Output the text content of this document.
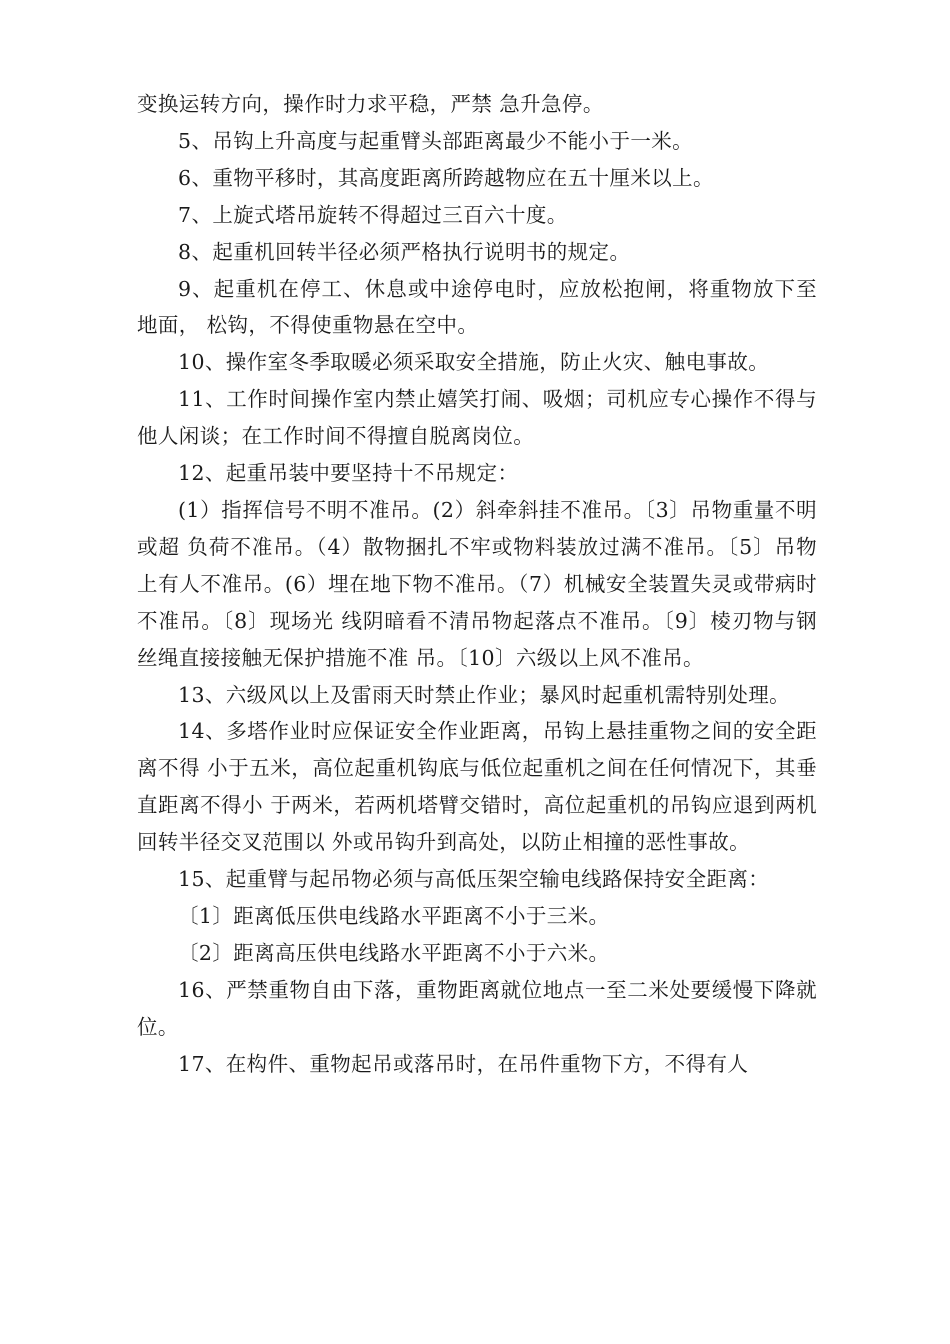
变换运转方向，操作时力求平稳，严禁 急升急停。

5、吊钩上升高度与起重臂头部距离最少不能小于一米。

6、重物平移时，其高度距离所跨越物应在五十厘米以上。

7、上旋式塔吊旋转不得超过三百六十度。

8、起重机回转半径必须严格执行说明书的规定。

9、起重机在停工、休息或中途停电时，应放松抱闸，将重物放下至地面， 松钩，不得使重物悬在空中。

10、操作室冬季取暖必须采取安全措施，防止火灾、触电事故。

11、工作时间操作室内禁止嬉笑打闹、吸烟；司机应专心操作不得与他人闲谈；在工作时间不得擅自脱离岗位。

12、起重吊装中要坚持十不吊规定：

(1）指挥信号不明不准吊。(2）斜牵斜挂不准吊。〔3〕吊物重量不明或超 负荷不准吊。（4）散物捆扎不牢或物料装放过满不准吊。〔5〕吊物上有人不准吊。(6）埋在地下物不准吊。（7）机械安全装置失灵或带病时不准吊。〔8〕现场光 线阴暗看不清吊物起落点不准吊。〔9〕棱刃物与钢丝绳直接接触无保护措施不准 吊。〔10〕六级以上风不准吊。

13、六级风以上及雷雨天时禁止作业；暴风时起重机需特别处理。

14、多塔作业时应保证安全作业距离，吊钩上悬挂重物之间的安全距离不得 小于五米，高位起重机钩底与低位起重机之间在任何情况下，其垂直距离不得小 于两米，若两机塔臂交错时，高位起重机的吊钩应退到两机回转半径交叉范围以 外或吊钩升到高处，以防止相撞的恶性事故。

15、起重臂与起吊物必须与高低压架空输电线路保持安全距离：

〔1〕距离低压供电线路水平距离不小于三米。

〔2〕距离高压供电线路水平距离不小于六米。

16、严禁重物自由下落，重物距离就位地点一至二米处要缓慢下降就位。

17、在构件、重物起吊或落吊时，在吊件重物下方，不得有人
